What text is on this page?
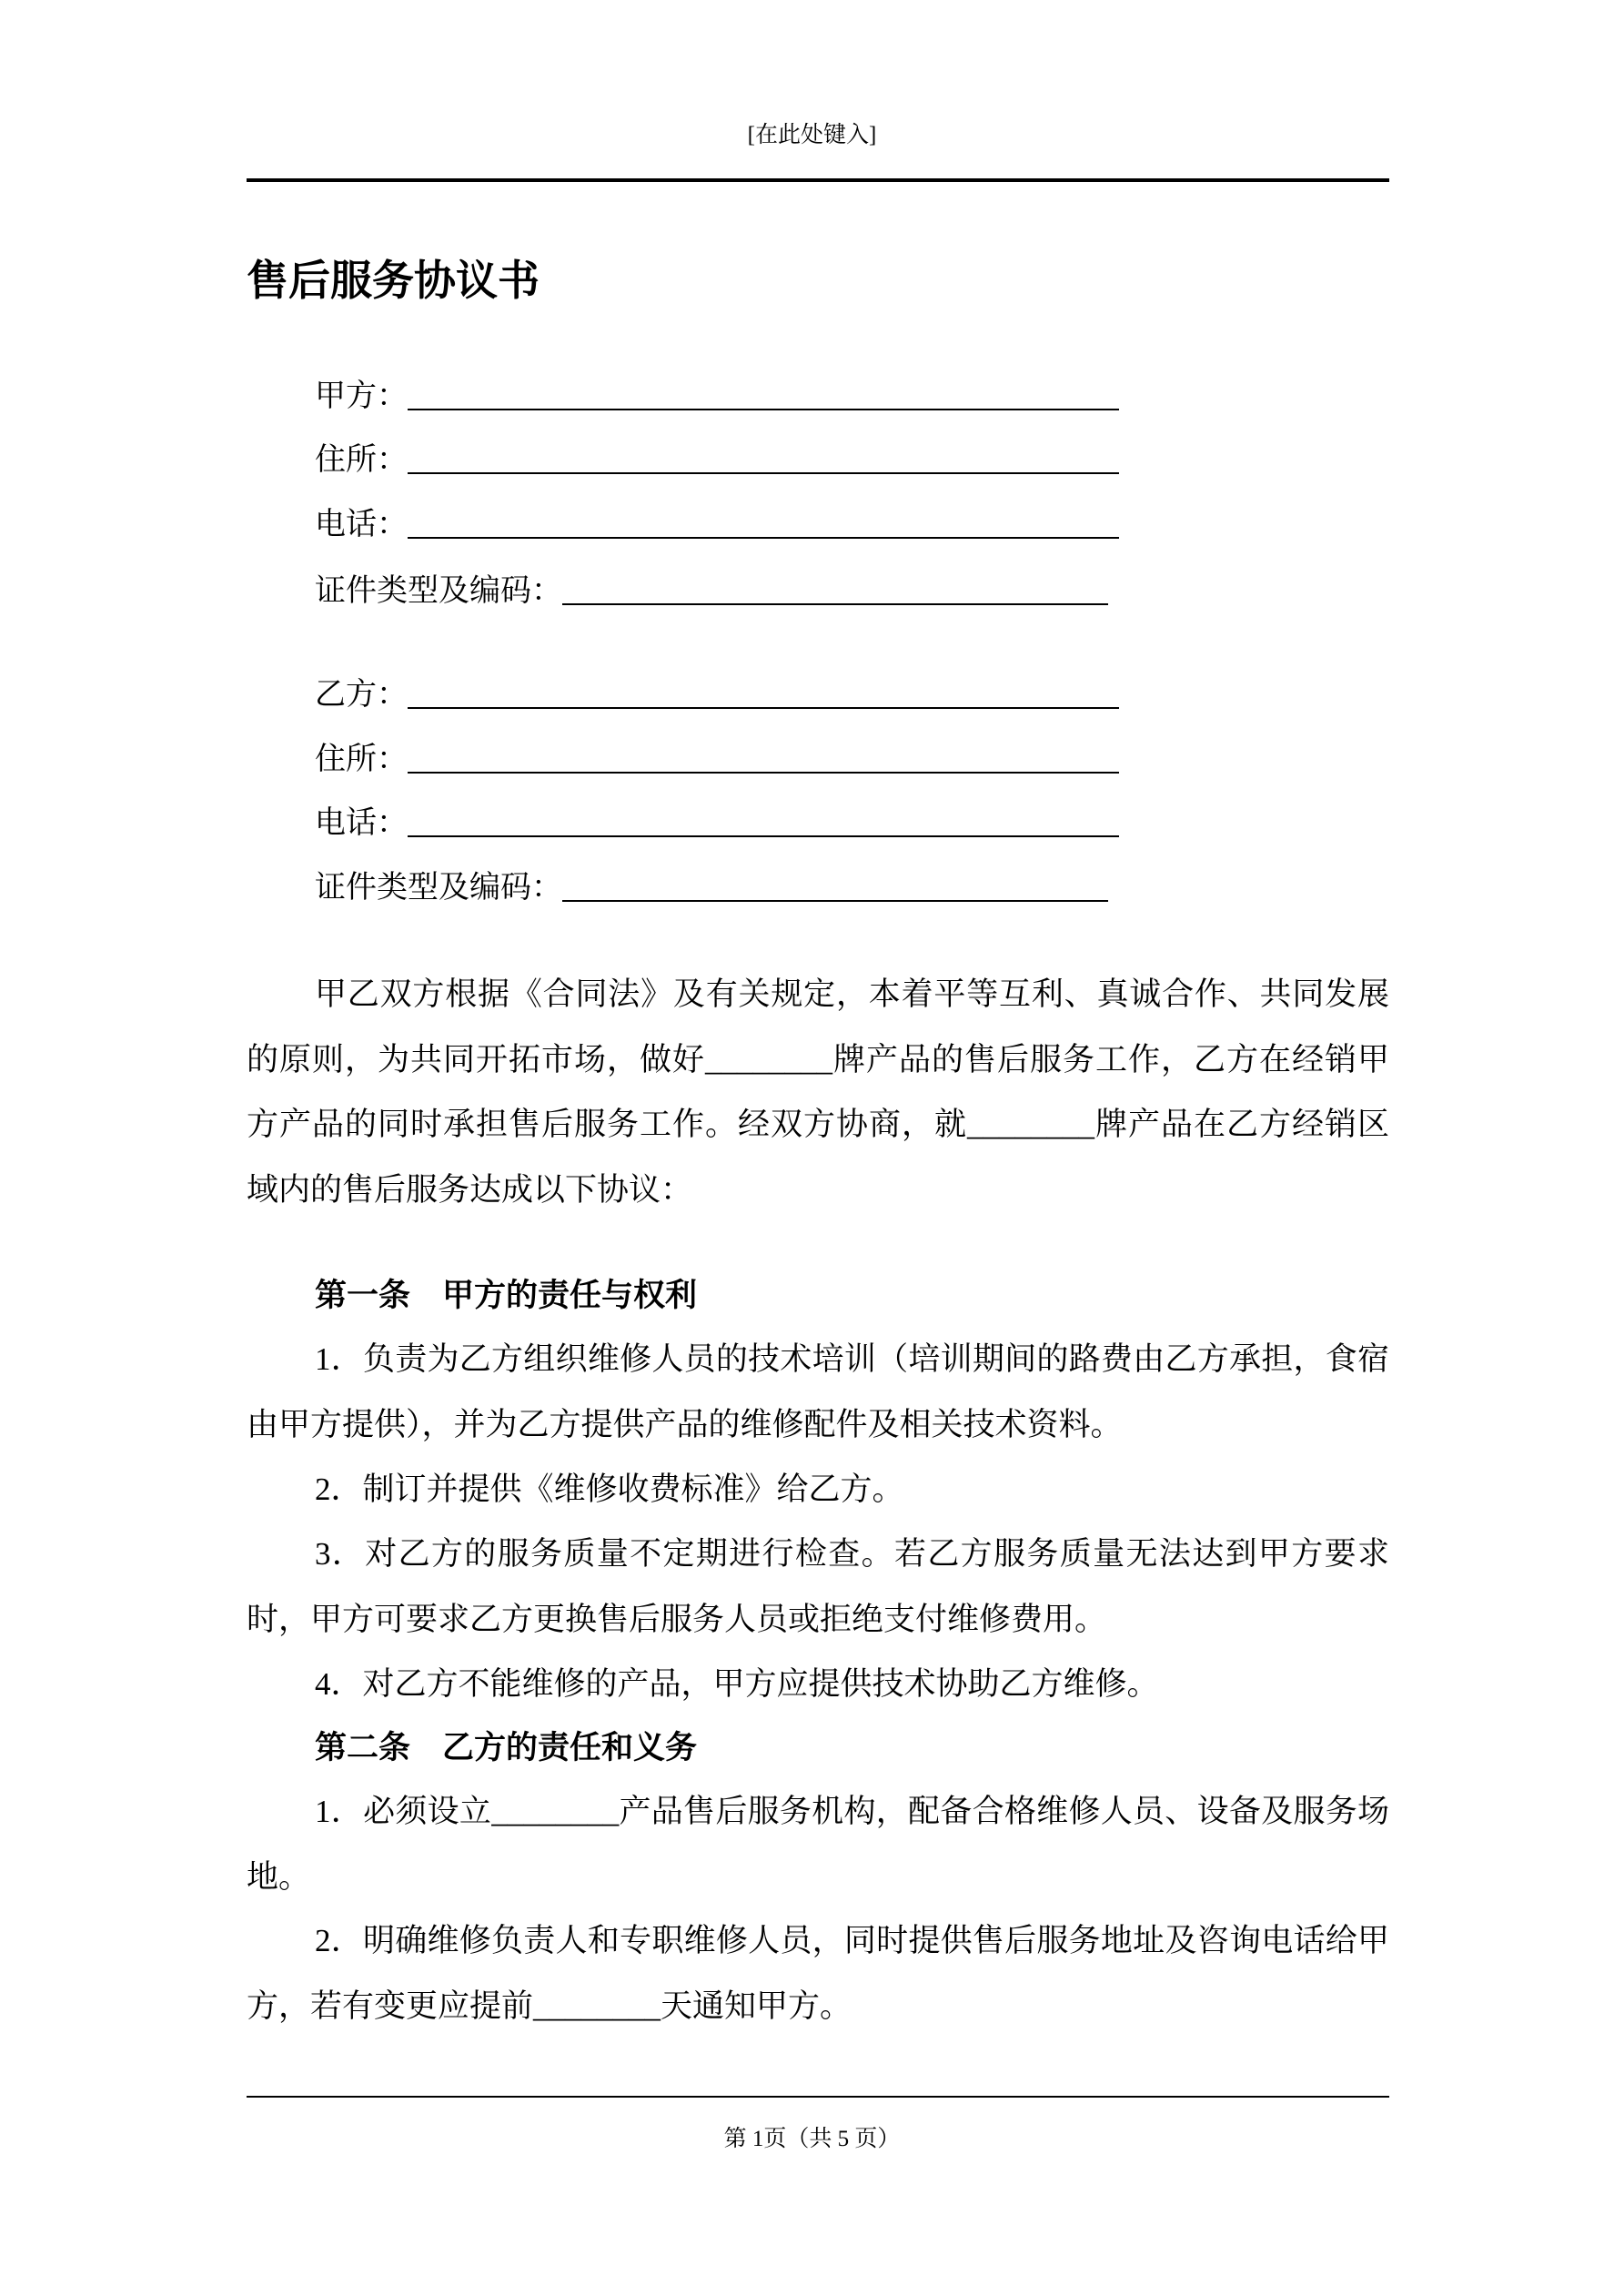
[在此处键入]
售后服务协议书
甲方：
住所：
电话：
证件类型及编码：
乙方：
住所：
电话：
证件类型及编码：
甲乙双方根据《合同法》及有关规定，本着平等互利、真诚合作、共同发展的原则，为共同开拓市场，做好________牌产品的售后服务工作，乙方在经销甲方产品的同时承担售后服务工作。经双方协商，就________牌产品在乙方经销区域内的售后服务达成以下协议：
第一条　甲方的责任与权利
1．负责为乙方组织维修人员的技术培训（培训期间的路费由乙方承担，食宿由甲方提供），并为乙方提供产品的维修配件及相关技术资料。
2．制订并提供《维修收费标准》给乙方。
3．对乙方的服务质量不定期进行检查。若乙方服务质量无法达到甲方要求时，甲方可要求乙方更换售后服务人员或拒绝支付维修费用。
4．对乙方不能维修的产品，甲方应提供技术协助乙方维修。
第二条　乙方的责任和义务
1．必须设立________产品售后服务机构，配备合格维修人员、设备及服务场地。
2．明确维修负责人和专职维修人员，同时提供售后服务地址及咨询电话给甲方，若有变更应提前________天通知甲方。
第 1页（共 5 页）
